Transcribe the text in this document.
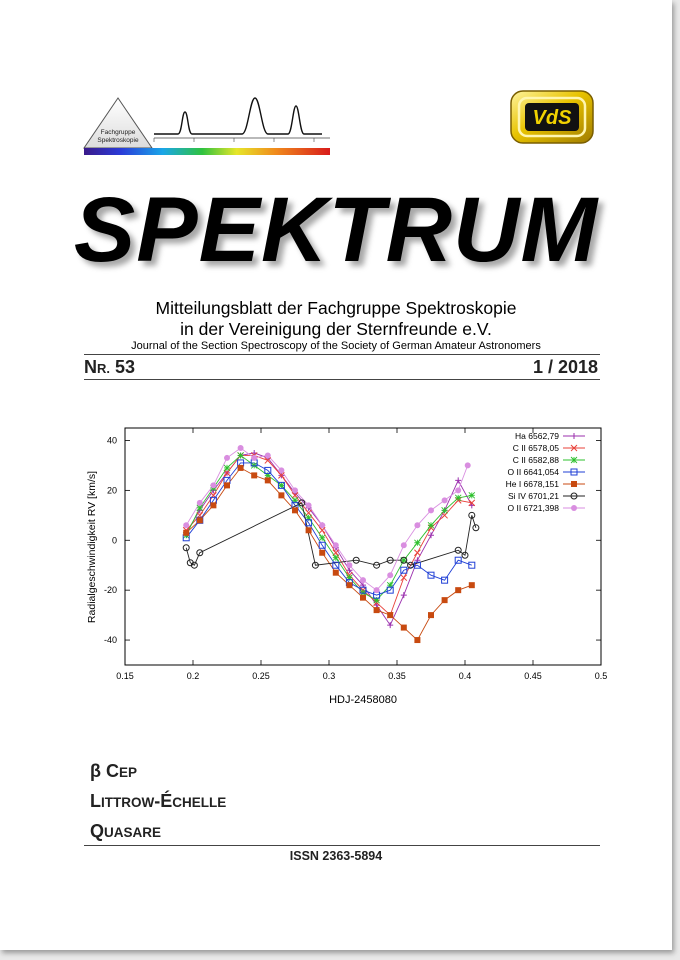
Fachgruppe
Spektroskopie
VdS
SPEKTRUM
Mitteilungsblatt der Fachgruppe Spektroskopie
in der Vereinigung der Sternfreunde e.V.
Journal of the Section Spectroscopy of the Society of German Amateur Astronomers
NR. 53	1 / 2018
0.15	0.2	0.25	0.3	0.35	0.4	0.45	0.5
40
20
0
-20
-40
Ha 6562,79
C II 6578,05
C II 6582,88
O II 6641,054
He I 6678,151
Si IV 6701,21
O II 6721,398
HDJ-2458080
Radialgeschwindigkeit RV [km/s]
β CEP
LITTROW-ÉCHELLE
QUASARE
ISSN 2363-5894
